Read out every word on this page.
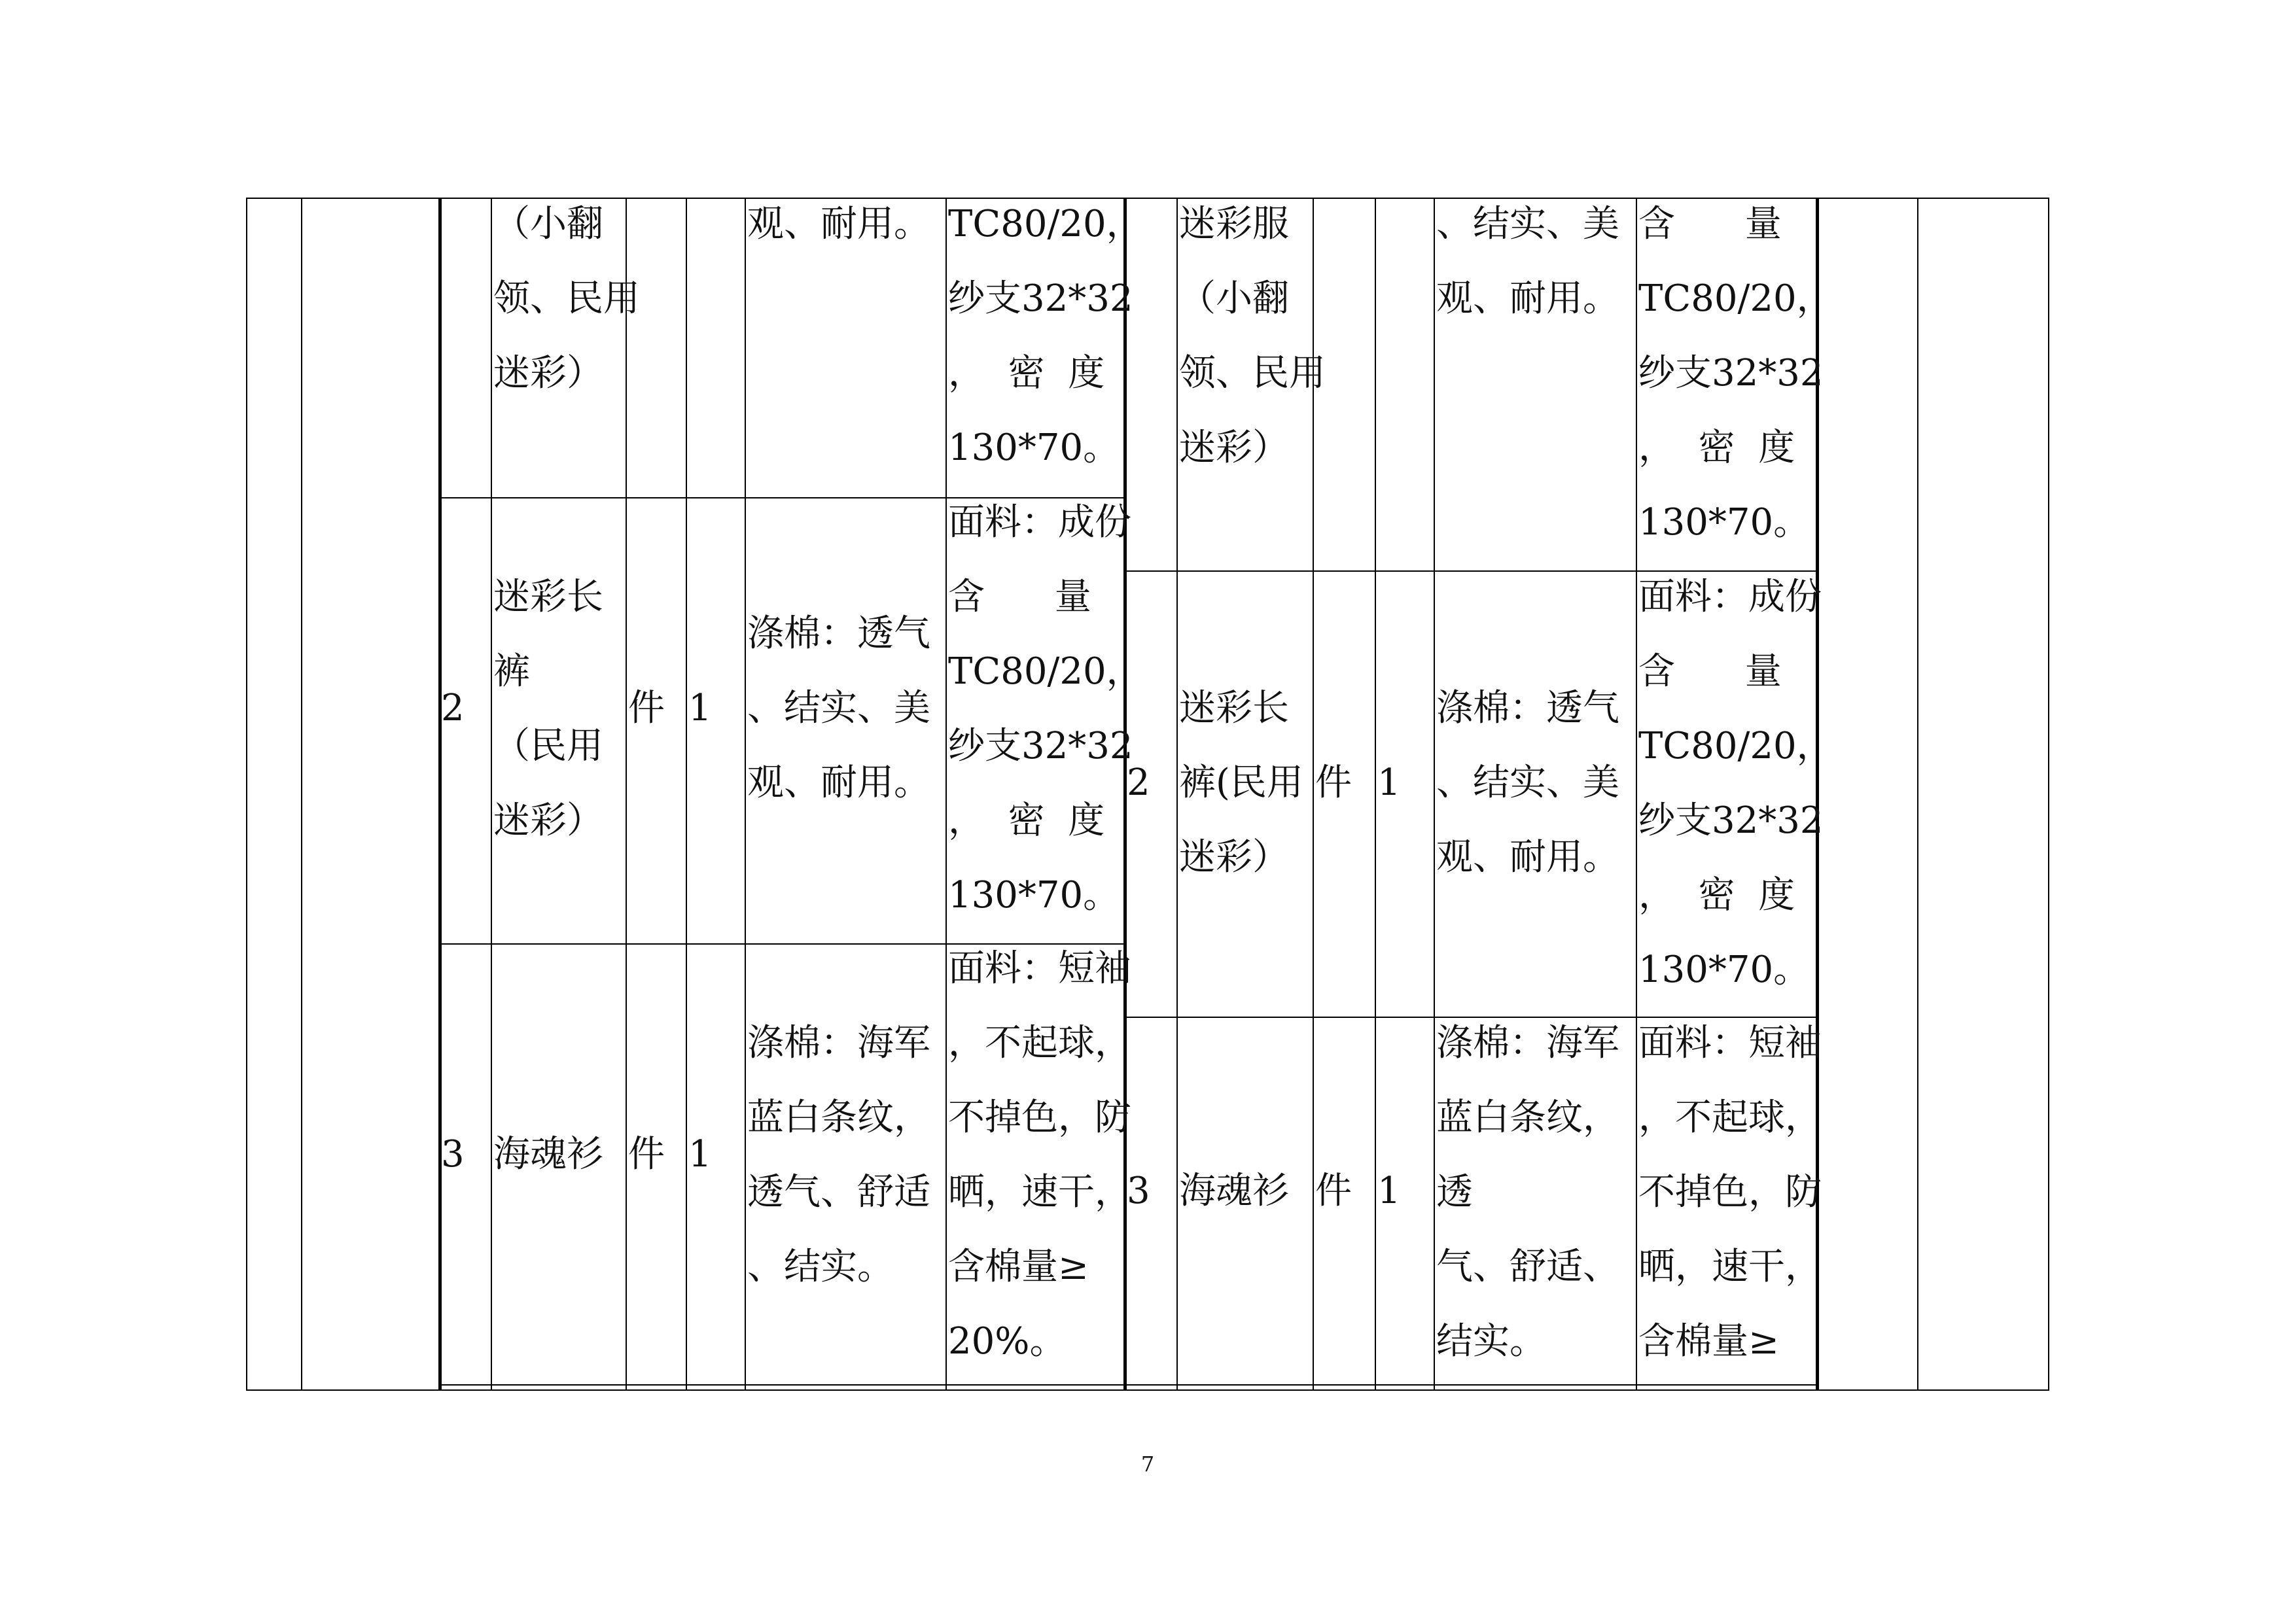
（小翻
领、民用
迷彩）
观、耐用。 TC80/20，
纱支32*32
，  密  度
130*70。
2
迷彩长
裤
（民用
迷彩）
件 1
涤棉：透气
、结实、美
观、耐用。
面料：成份
含      量
TC80/20，
纱支32*32
，  密  度
130*70。
3 海魂衫 件 1
涤棉：海军
蓝白条纹，
透气、舒适
、结实。
面料：短袖
，不起球，
不掉色，防
晒，速干，
含棉量≥
20%。
迷彩服
（小翻
领、民用
迷彩）
、结实、美
观、耐用。
含      量
TC80/20，
纱支32*32
，  密  度
130*70。
2
迷彩长
裤(民用
迷彩）
件 1
涤棉：透气
、结实、美
观、耐用。
面料：成份
含      量
TC80/20，
纱支32*32
，  密  度
130*70。
3 海魂衫 件 1
涤棉：海军
蓝白条纹，
透
气、舒适、
结实。
面料：短袖
，不起球，
不掉色，防
晒，速干，
含棉量≥
7
